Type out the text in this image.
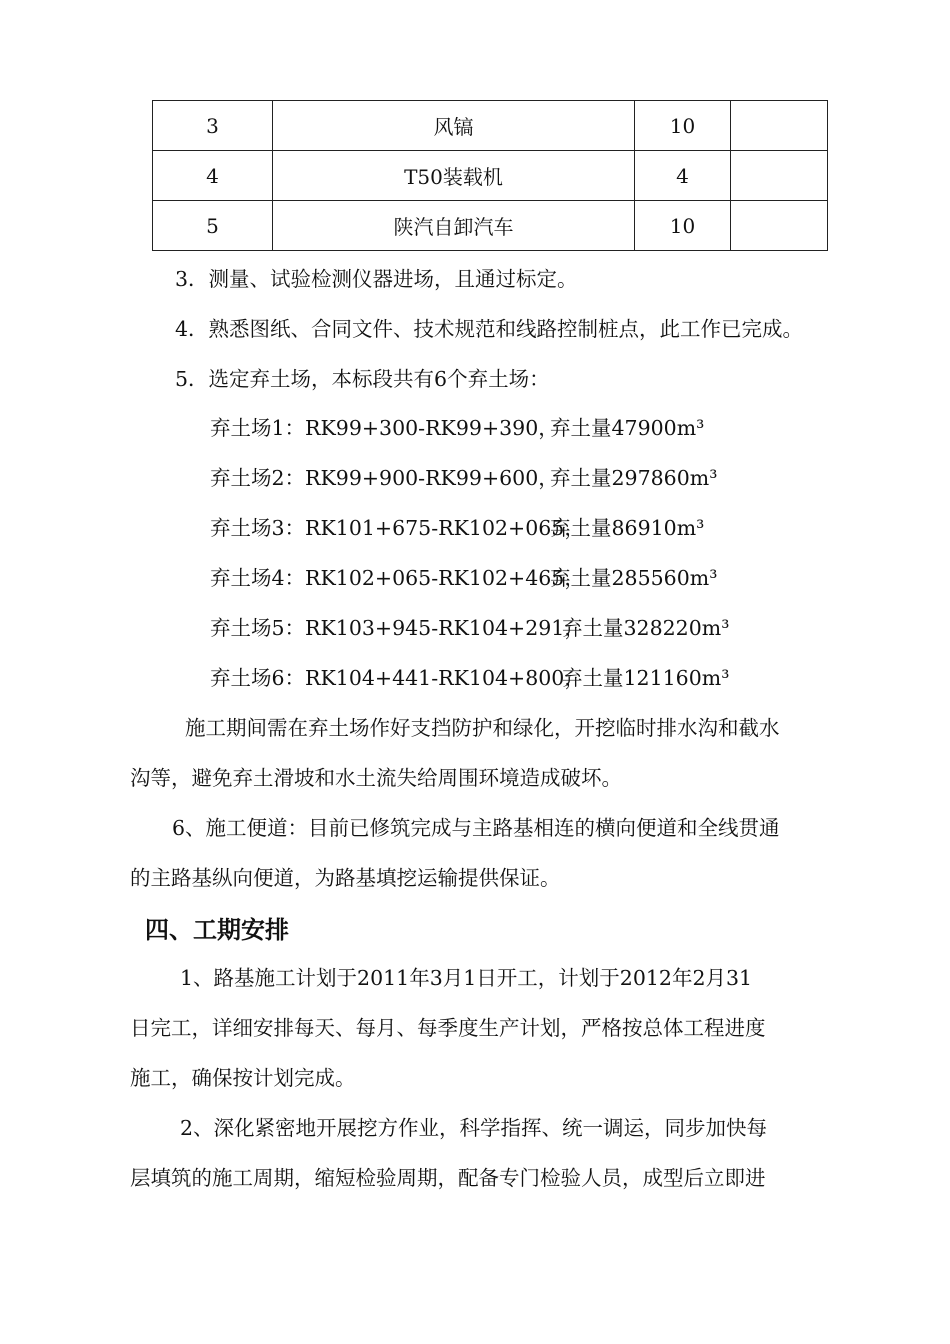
3	风镐	10	
4	T50装载机	4	
5	陕汽自卸汽车	10	
3．测量、试验检测仪器进场，且通过标定。
4．熟悉图纸、合同文件、技术规范和线路控制桩点，此工作已完成。
5．选定弃土场，本标段共有6个弃土场：
弃土场1：RK99+300-RK99+390，
弃土量47900m³
弃土场2：RK99+900-RK99+600，
弃土量297860m³
弃土场3：RK101+675-RK102+065，
弃土量86910m³
弃土场4：RK102+065-RK102+465，
弃土量285560m³
弃土场5：RK103+945-RK104+291，
弃土量328220m³
弃土场6：RK104+441-RK104+800，
弃土量121160m³
施工期间需在弃土场作好支挡防护和绿化，开挖临时排水沟和截水
沟等，避免弃土滑坡和水土流失给周围环境造成破坏。
6、施工便道：目前已修筑完成与主路基相连的横向便道和全线贯通
的主路基纵向便道，为路基填挖运输提供保证。
四、工期安排
1、路基施工计划于2011年3月1日开工，计划于2012年2月31
日完工，详细安排每天、每月、每季度生产计划，严格按总体工程进度
施工，确保按计划完成。
2、深化紧密地开展挖方作业，科学指挥、统一调运，同步加快每
层填筑的施工周期，缩短检验周期，配备专门检验人员，成型后立即进
